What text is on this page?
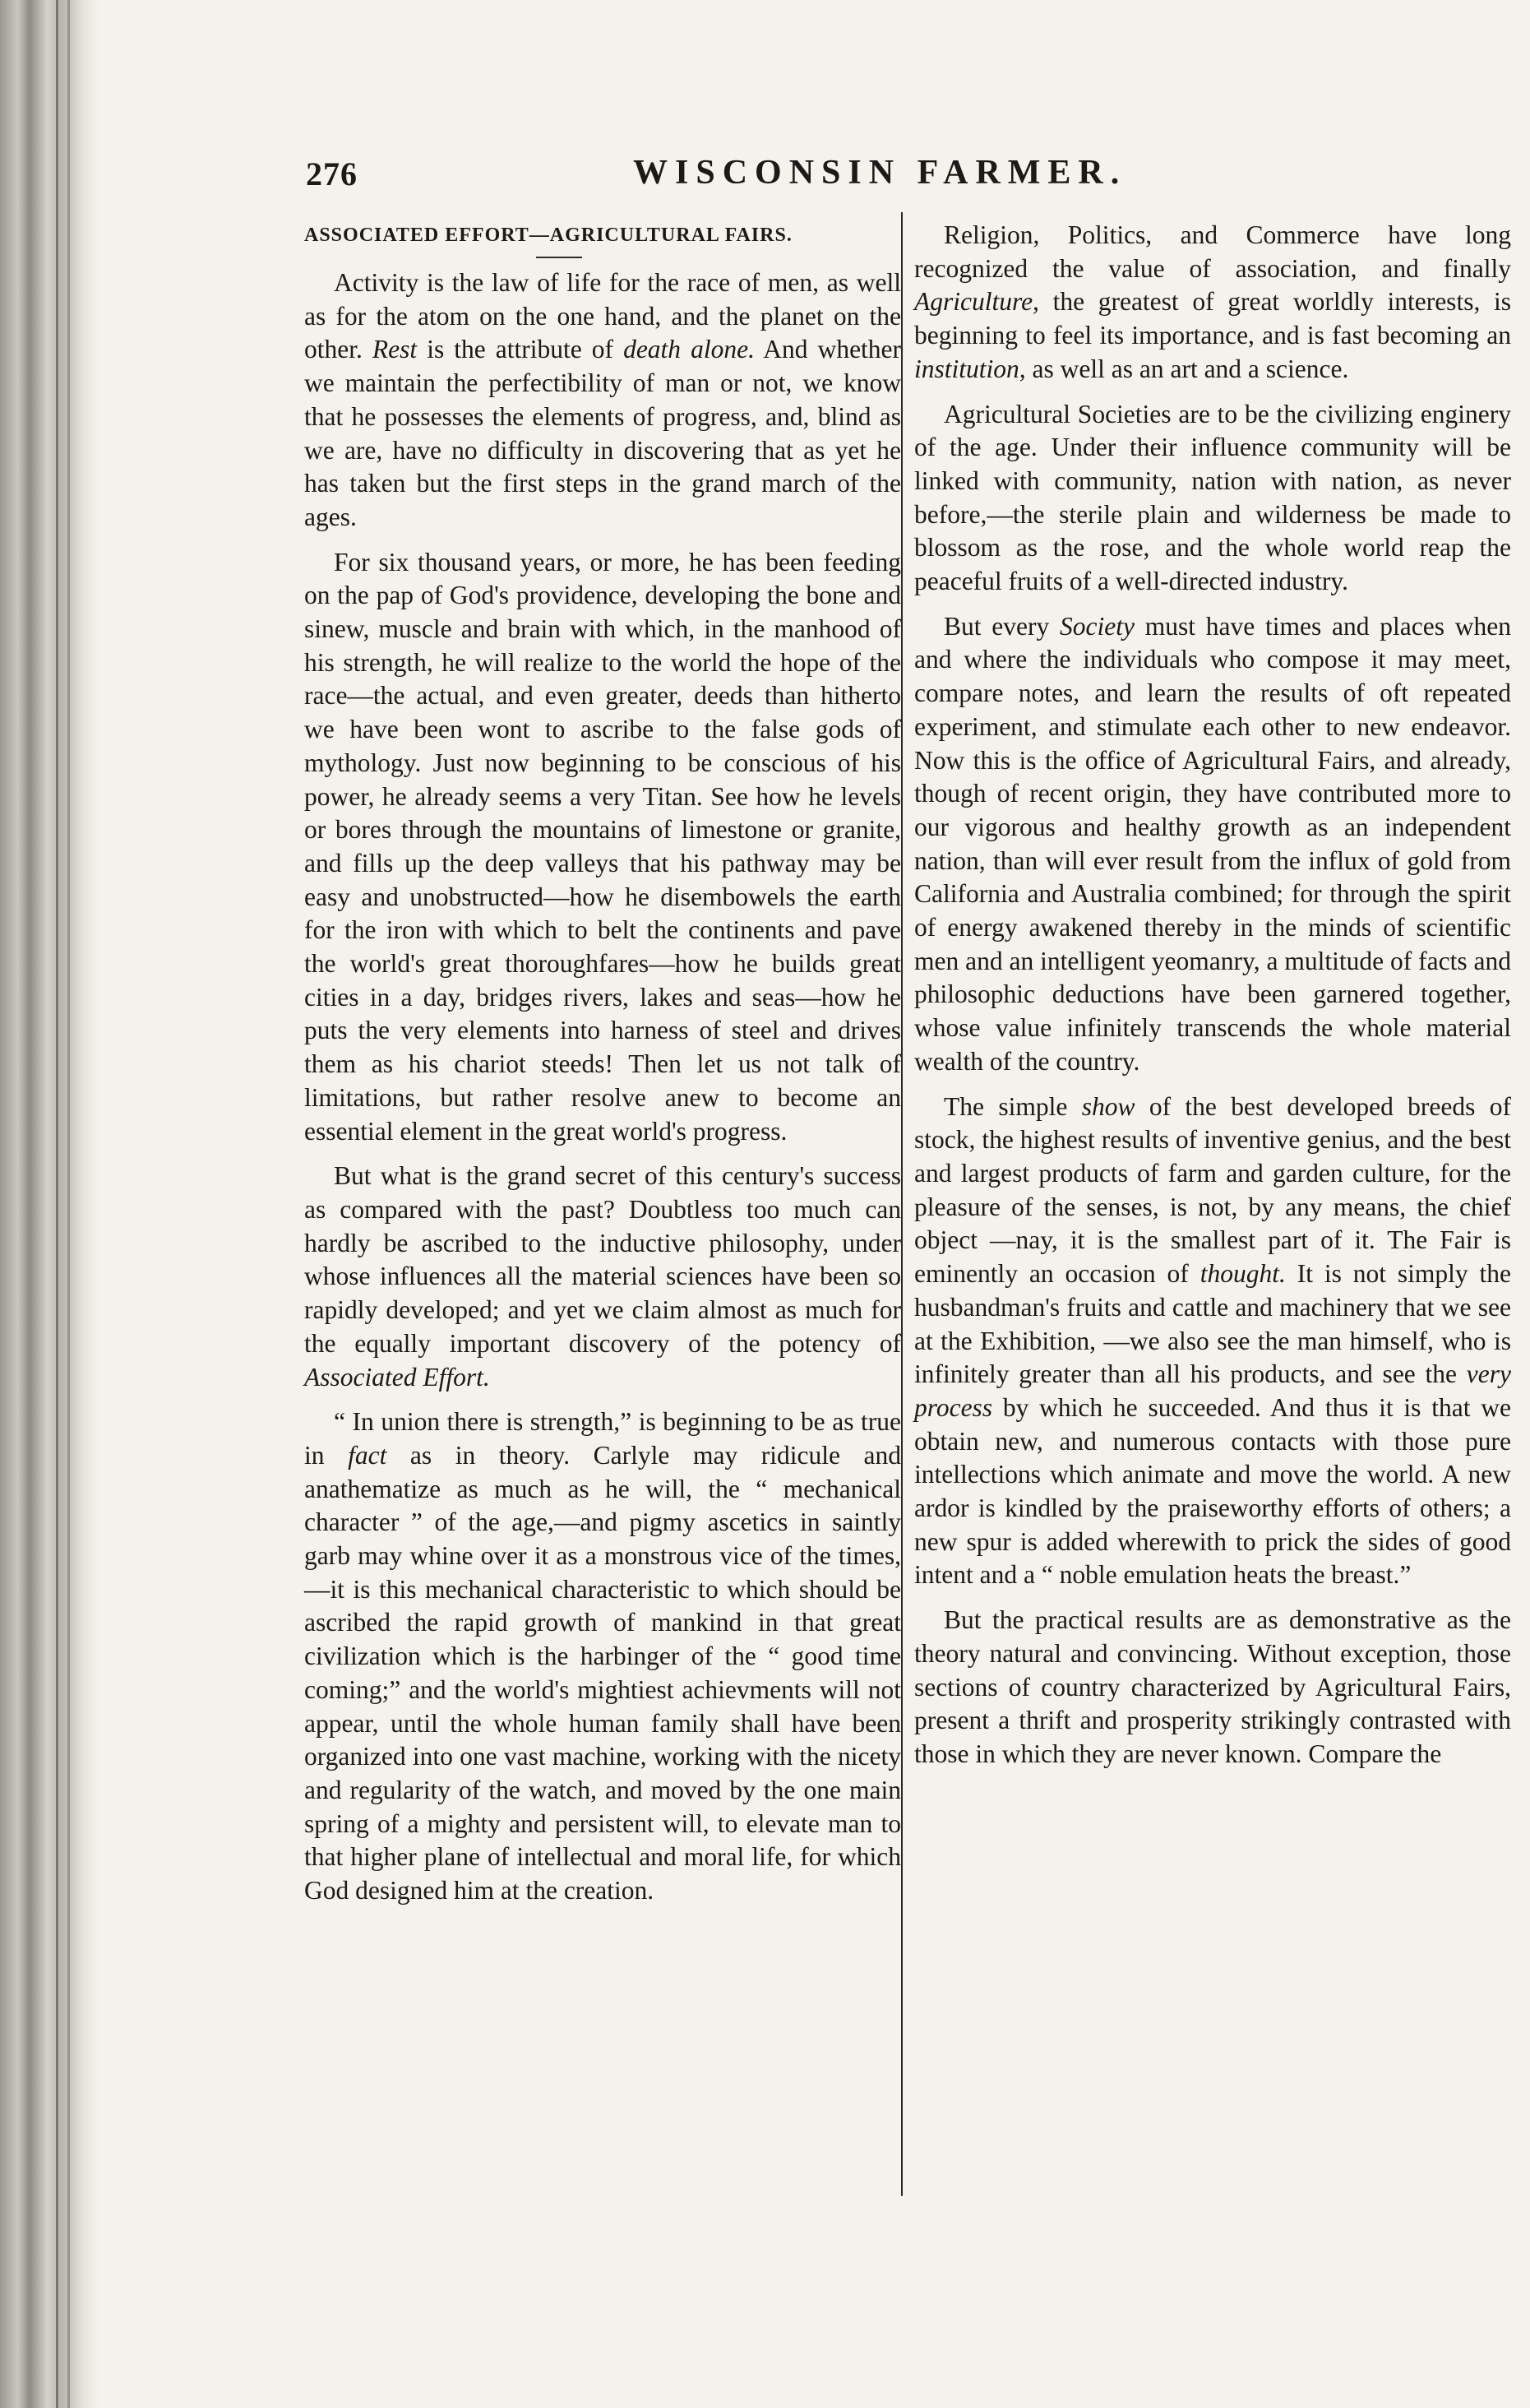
276	WISCONSIN FARMER.
ASSOCIATED EFFORT—AGRICULTURAL FAIRS.

Activity is the law of life for the race of men, as well as for the atom on the one hand, and the planet on the other. Rest is the attribute of death alone. And whether we maintain the perfectibility of man or not, we know that he possesses the elements of progress, and, blind as we are, have no difficulty in discovering that as yet he has taken but the first steps in the grand march of the ages.

For six thousand years, or more, he has been feeding on the pap of God's providence, developing the bone and sinew, muscle and brain with which, in the manhood of his strength, he will realize to the world the hope of the race—the actual, and even greater, deeds than hitherto we have been wont to ascribe to the false gods of mythology. Just now beginning to be conscious of his power, he already seems a very Titan. See how he levels or bores through the mountains of limestone or granite, and fills up the deep valleys that his pathway may be easy and unobstructed—how he disembowels the earth for the iron with which to belt the continents and pave the world's great thoroughfares—how he builds great cities in a day, bridges rivers, lakes and seas—how he puts the very elements into harness of steel and drives them as his chariot steeds! Then let us not talk of limitations, but rather resolve anew to become an essential element in the great world's progress.

But what is the grand secret of this century's success as compared with the past? Doubtless too much can hardly be ascribed to the inductive philosophy, under whose influences all the material sciences have been so rapidly developed; and yet we claim almost as much for the equally important discovery of the potency of Associated Effort.

“ In union there is strength,” is beginning to be as true in fact as in theory. Carlyle may ridicule and anathematize as much as he will, the “ mechanical character ” of the age,—and pigmy ascetics in saintly garb may whine over it as a monstrous vice of the times,—it is this mechanical characteristic to which should be ascribed the rapid growth of mankind in that great civilization which is the harbinger of the “ good time coming;” and the world's mightiest achievments will not appear, until the whole human family shall have been organized into one vast machine, working with the nicety and regularity of the watch, and moved by the one main spring of a mighty and persistent will, to elevate man to that higher plane of intellectual and moral life, for which God designed him at the creation.

Religion, Politics, and Commerce have long recognized the value of association, and finally Agriculture, the greatest of great worldly interests, is beginning to feel its importance, and is fast becoming an institution, as well as an art and a science.

Agricultural Societies are to be the civilizing enginery of the age. Under their influence community will be linked with community, nation with nation, as never before,—the sterile plain and wilderness be made to blossom as the rose, and the whole world reap the peaceful fruits of a well-directed industry.

But every Society must have times and places when and where the individuals who compose it may meet, compare notes, and learn the results of oft repeated experiment, and stimulate each other to new endeavor. Now this is the office of Agricultural Fairs, and already, though of recent origin, they have contributed more to our vigorous and healthy growth as an independent nation, than will ever result from the influx of gold from California and Australia combined; for through the spirit of energy awakened thereby in the minds of scientific men and an intelligent yeomanry, a multitude of facts and philosophic deductions have been garnered together, whose value infinitely transcends the whole material wealth of the country.

The simple show of the best developed breeds of stock, the highest results of inventive genius, and the best and largest products of farm and garden culture, for the pleasure of the senses, is not, by any means, the chief object —nay, it is the smallest part of it. The Fair is eminently an occasion of thought. It is not simply the husbandman's fruits and cattle and machinery that we see at the Exhibition, —we also see the man himself, who is infinitely greater than all his products, and see the very process by which he succeeded. And thus it is that we obtain new, and numerous contacts with those pure intellections which animate and move the world. A new ardor is kindled by the praiseworthy efforts of others; a new spur is added wherewith to prick the sides of good intent and a “ noble emulation heats the breast.”

But the practical results are as demonstrative as the theory natural and convincing. Without exception, those sections of country characterized by Agricultural Fairs, present a thrift and prosperity strikingly contrasted with those in which they are never known. Compare the
